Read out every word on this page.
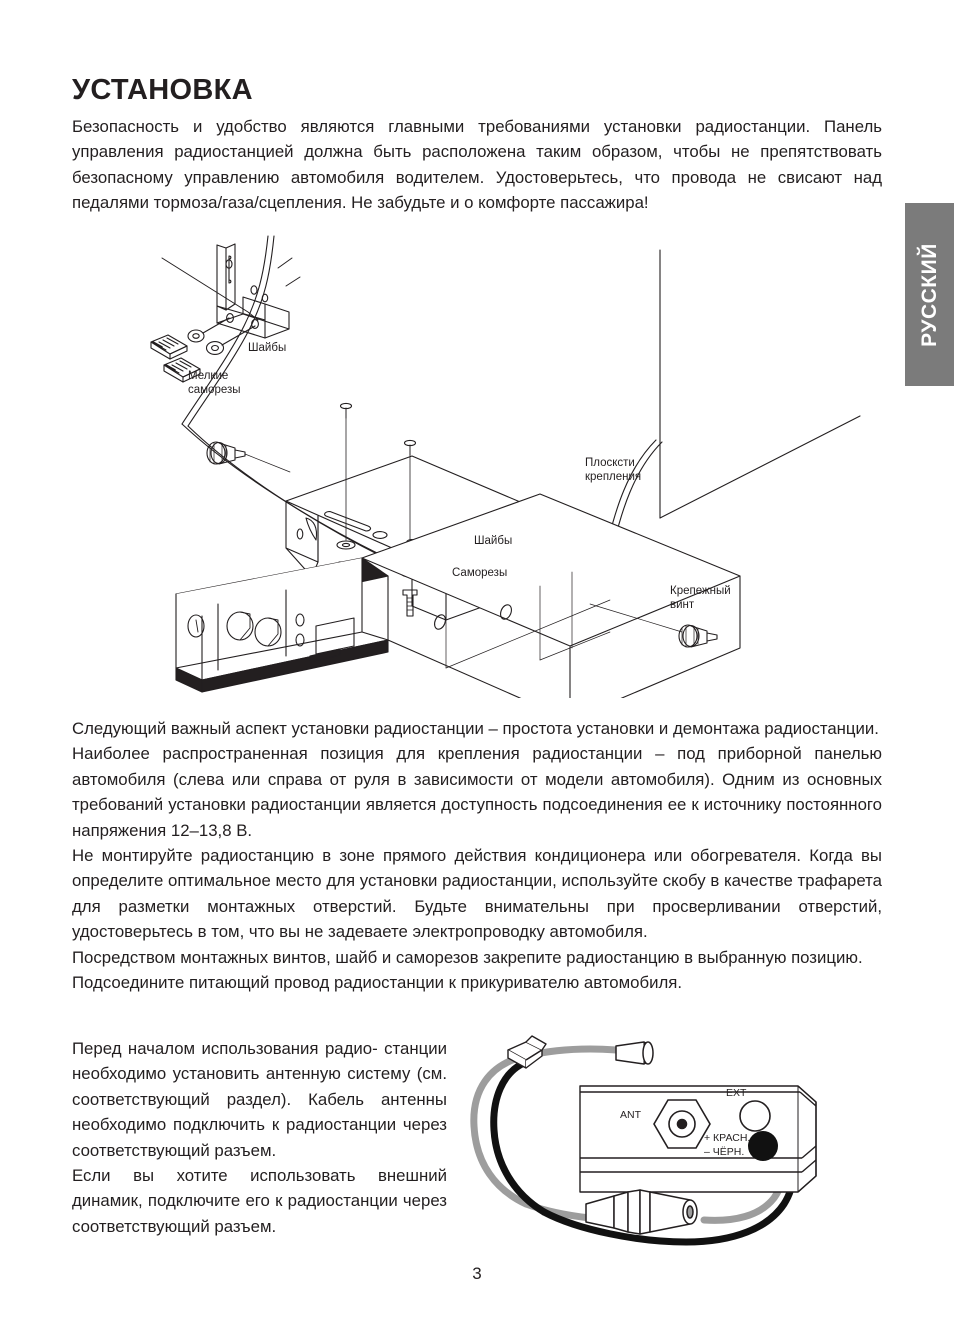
РУССКИЙ
УСТАНОВКА

Безопасность и удобство являются главными требованиями установки радиостанции. Панель управления радиостанцией должна быть расположена таким образом, чтобы не препятствовать безопасному управлению автомобиля водителем. Удостоверьтесь, что провода не свисают над педалями тормоза/газа/сцепления. Не забудьте и о комфорте пассажира!

Шайбы
Мелкие
саморезы
Плосксти
крепления
Шайбы
Саморезы
Крепежный
винт

Следующий важный аспект установки радиостанции – простота установки и демонтажа радиостанции.

Наиболее распространенная позиция для крепления радиостанции – под приборной панелью автомобиля (слева или справа от руля в зависимости от модели автомобиля). Одним из основных требований установки радиостанции является доступность подсоединения ее к источнику постоянного напряжения 12–13,8 В.

Не монтируйте радиостанцию в зоне прямого действия кондиционера или обогревателя. Когда вы определите оптимальное место для установки радиостанции, используйте скобу в качестве трафарета для разметки монтажных отверстий. Будьте внимательны при просверливании отверстий, удостоверьтесь в том, что вы не задеваете электропроводку автомобиля.

Посредством монтажных винтов, шайб и саморезов закрепите радиостанцию в выбранную позицию.

Подсоедините питающий провод радиостанции к прикуривателю автомобиля.

Перед началом использования радио- станции необходимо установить антенную систему (см. соответствующий раздел). Кабель антенны необходимо подключить к радиостанции через соответствующий разъем.

Если вы хотите использовать внешний динамик, подключите его к радиостанции через соответствующий разъем.

ANT
EXT
+ КРАСН.
– ЧЁРН.
3
